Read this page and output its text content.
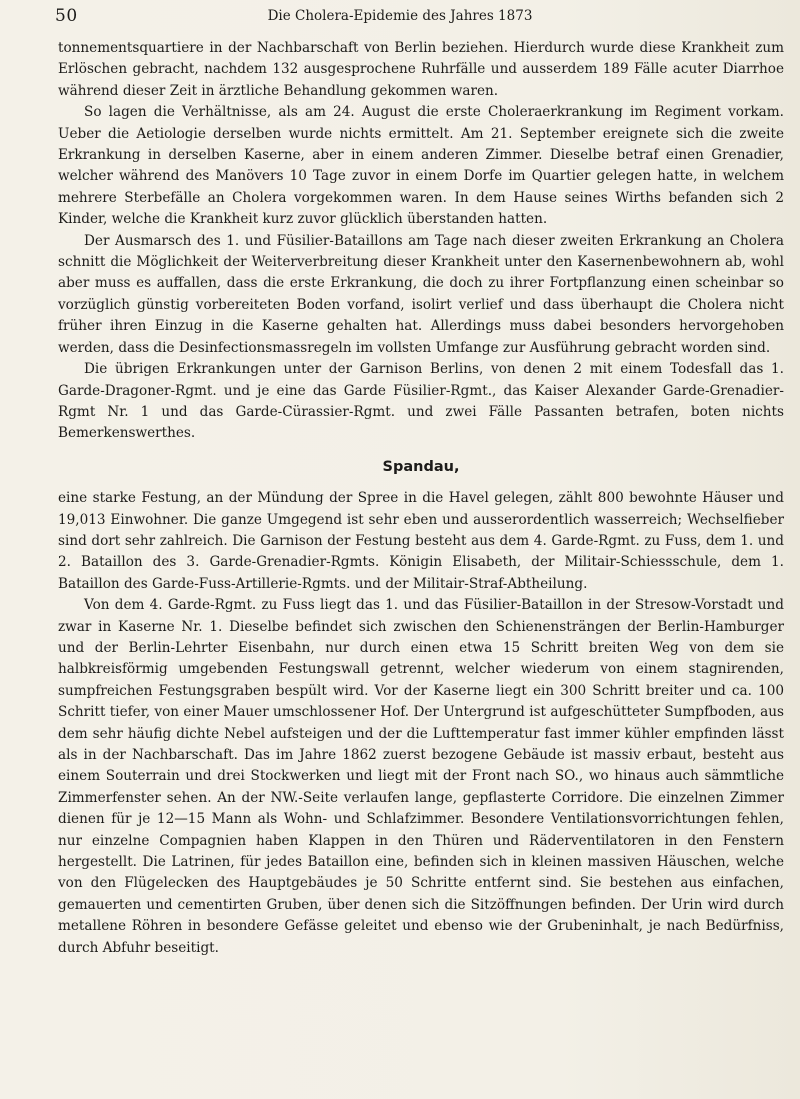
50	Die Cholera-Epidemie des Jahres 1873

tonnementsquartiere in der Nachbarschaft von Berlin beziehen. Hierdurch wurde diese Krankheit zum Erlöschen gebracht, nachdem 132 ausgesprochene Ruhrfälle und ausserdem 189 Fälle acuter Diarrhoe während dieser Zeit in ärztliche Behandlung gekommen waren.

So lagen die Verhältnisse, als am 24. August die erste Choleraerkrankung im Regiment vorkam. Ueber die Aetiologie derselben wurde nichts ermittelt. Am 21. September ereignete sich die zweite Erkrankung in derselben Kaserne, aber in einem anderen Zimmer. Dieselbe betraf einen Grenadier, welcher während des Manövers 10 Tage zuvor in einem Dorfe im Quartier gelegen hatte, in welchem mehrere Sterbefälle an Cholera vorgekommen waren. In dem Hause seines Wirths befanden sich 2 Kinder, welche die Krankheit kurz zuvor glücklich überstanden hatten.

Der Ausmarsch des 1. und Füsilier-Bataillons am Tage nach dieser zweiten Erkrankung an Cholera schnitt die Möglichkeit der Weiterverbreitung dieser Krankheit unter den Kasernenbewohnern ab, wohl aber muss es auffallen, dass die erste Erkrankung, die doch zu ihrer Fortpflanzung einen scheinbar so vorzüglich günstig vorbereiteten Boden vorfand, isolirt verlief und dass überhaupt die Cholera nicht früher ihren Einzug in die Kaserne gehalten hat. Allerdings muss dabei besonders hervorgehoben werden, dass die Desinfectionsmassregeln im vollsten Umfange zur Ausführung gebracht worden sind.

Die übrigen Erkrankungen unter der Garnison Berlins, von denen 2 mit einem Todesfall das 1. Garde-Dragoner-Rgmt. und je eine das Garde Füsilier-Rgmt., das Kaiser Alexander Garde-Grenadier-Rgmt Nr. 1 und das Garde-Cürassier-Rgmt. und zwei Fälle Passanten betrafen, boten nichts Bemerkenswerthes.

Spandau,

eine starke Festung, an der Mündung der Spree in die Havel gelegen, zählt 800 bewohnte Häuser und 19,013 Einwohner. Die ganze Umgegend ist sehr eben und ausserordentlich wasserreich; Wechselfieber sind dort sehr zahlreich. Die Garnison der Festung besteht aus dem 4. Garde-Rgmt. zu Fuss, dem 1. und 2. Bataillon des 3. Garde-Grenadier-Rgmts. Königin Elisabeth, der Militair-Schiessschule, dem 1. Bataillon des Garde-Fuss-Artillerie-Rgmts. und der Militair-Straf-Abtheilung.

Von dem 4. Garde-Rgmt. zu Fuss liegt das 1. und das Füsilier-Bataillon in der Stresow-Vorstadt und zwar in Kaserne Nr. 1. Dieselbe befindet sich zwischen den Schienensträngen der Berlin-Hamburger und der Berlin-Lehrter Eisenbahn, nur durch einen etwa 15 Schritt breiten Weg von dem sie halbkreisförmig umgebenden Festungswall getrennt, welcher wiederum von einem stagnirenden, sumpfreichen Festungsgraben bespült wird. Vor der Kaserne liegt ein 300 Schritt breiter und ca. 100 Schritt tiefer, von einer Mauer umschlossener Hof. Der Untergrund ist aufgeschütteter Sumpfboden, aus dem sehr häufig dichte Nebel aufsteigen und der die Lufttemperatur fast immer kühler empfinden lässt als in der Nachbarschaft. Das im Jahre 1862 zuerst bezogene Gebäude ist massiv erbaut, besteht aus einem Souterrain und drei Stockwerken und liegt mit der Front nach SO., wo hinaus auch sämmtliche Zimmerfenster sehen. An der NW.-Seite verlaufen lange, gepflasterte Corridore. Die einzelnen Zimmer dienen für je 12—15 Mann als Wohn- und Schlafzimmer. Besondere Ventilationsvorrichtungen fehlen, nur einzelne Compagnien haben Klappen in den Thüren und Räderventilatoren in den Fenstern hergestellt. Die Latrinen, für jedes Bataillon eine, befinden sich in kleinen massiven Häuschen, welche von den Flügelecken des Hauptgebäudes je 50 Schritte entfernt sind. Sie bestehen aus einfachen, gemauerten und cementirten Gruben, über denen sich die Sitzöffnungen befinden. Der Urin wird durch metallene Röhren in besondere Gefässe geleitet und ebenso wie der Grubeninhalt, je nach Bedürfniss, durch Abfuhr beseitigt.
